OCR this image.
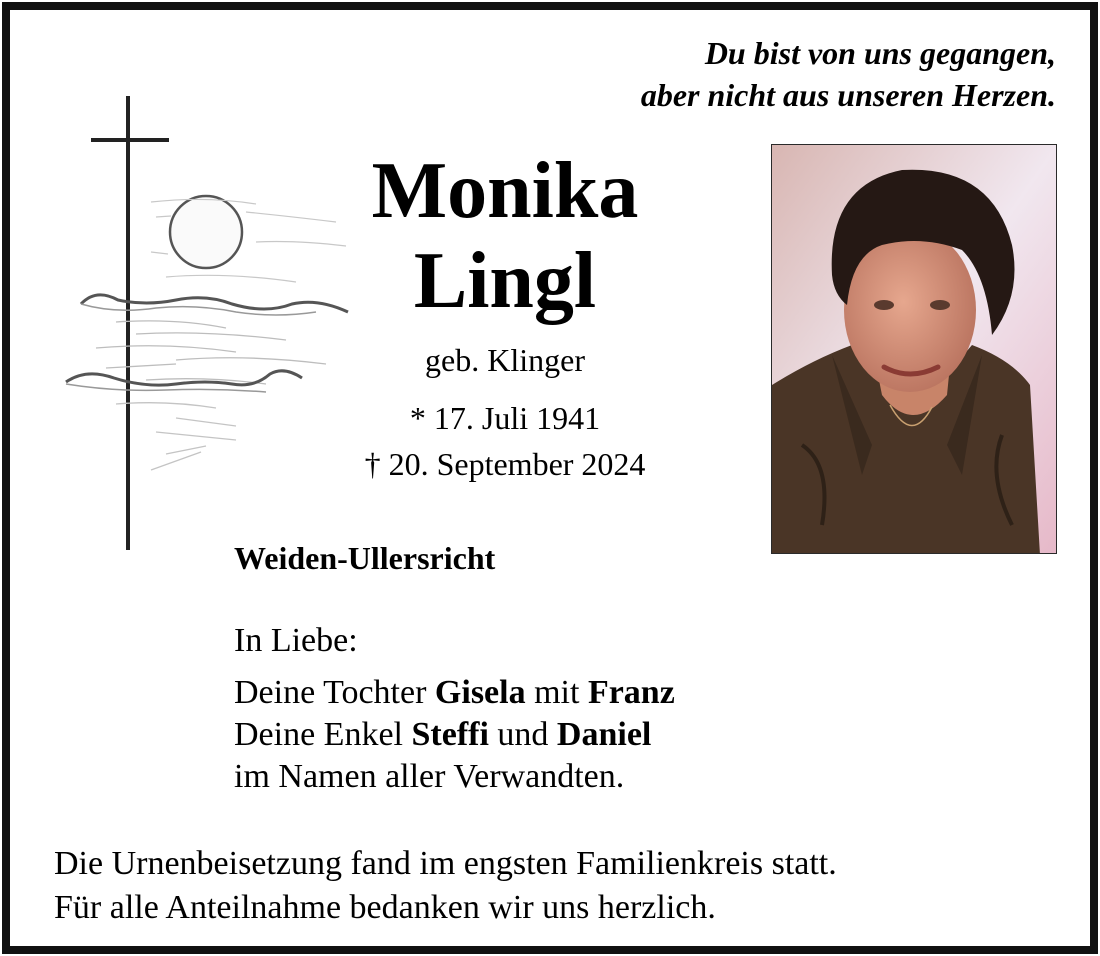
Du bist von uns gegangen,
aber nicht aus unseren Herzen.
Monika
Lingl
geb. Klinger
* 17. Juli 1941
† 20. September 2024
Weiden-Ullersricht
In Liebe:
Deine Tochter Gisela mit Franz
Deine Enkel Steffi und Daniel
im Namen aller Verwandten.
Die Urnenbeisetzung fand im engsten Familienkreis statt.
Für alle Anteilnahme bedanken wir uns herzlich.
